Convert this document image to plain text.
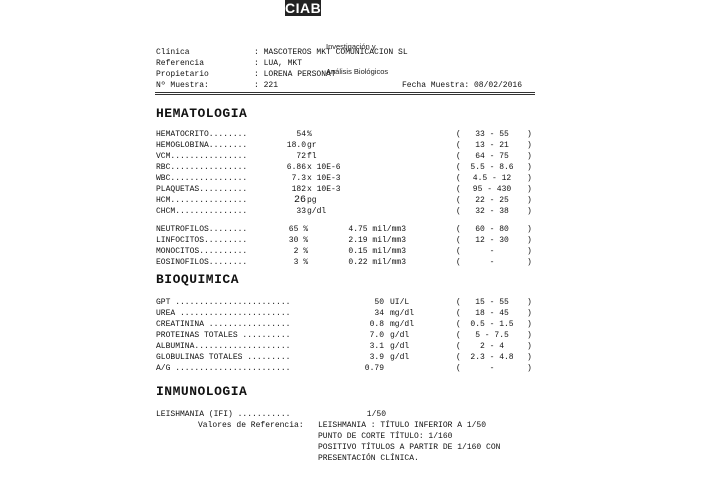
CIAB

Investigación y

Análisis Biológicos

Clínica	: MASCOTEROS MKT COMUNICACION SL
Referencia	: LUA, MKT
Propietario	: LORENA PERSONAT
Nº Muestra:	: 221	Fecha Muestra: 08/02/2016
HEMATOLOGIA
HEMATOCRITO........	54 %	(	33 - 55	)
HEMOGLOBINA........	18.0 gr	(	13 - 21	)
VCM................	72 fl	(	64 - 75	)
RBC................	6.86 x 10E-6	(	5.5 - 8.6	)
WBC................	7.3 x 10E-3	(	4.5 - 12	)
PLAQUETAS..........	182 x 10E-3	(	95 - 430	)
HCM................	26 pg	(	22 - 25	)
CHCM...............	33 g/dl	(	32 - 38	)
NEUTROFILOS........	65 %	4.75 mil/mm3	(	60 - 80	)
LINFOCITOS.........	30 %	2.19 mil/mm3	(	12 - 30	)
MONOCITOS..........	2 %	0.15 mil/mm3	(	-	)
EOSINOFILOS........	3 %	0.22 mil/mm3	(	-	)
BIOQUIMICA
GPT ........................	50 UI/L	(	15 - 55	)
UREA .......................	34 mg/dl	(	18 - 45	)
CREATININA .................	0.8 mg/dl	(	0.5 - 1.5	)
PROTEINAS TOTALES ..........	7.0 g/dl	(	5 - 7.5	)
ALBUMINA....................	3.1 g/dl	(	2 - 4	)
GLOBULINAS TOTALES .........	3.9 g/dl	(	2.3 - 4.8	)
A/G ........................	0.79	(	-	)
INMUNOLOGIA
LEISHMANIA (IFI) ...........	1/50
Valores de Referencia: LEISHMANIA : TÍTULO INFERIOR A 1/50
PUNTO DE CORTE TÍTULO: 1/160
POSITIVO TÍTULOS A PARTIR DE 1/160 CON
PRESENTACIÓN CLÍNICA.
